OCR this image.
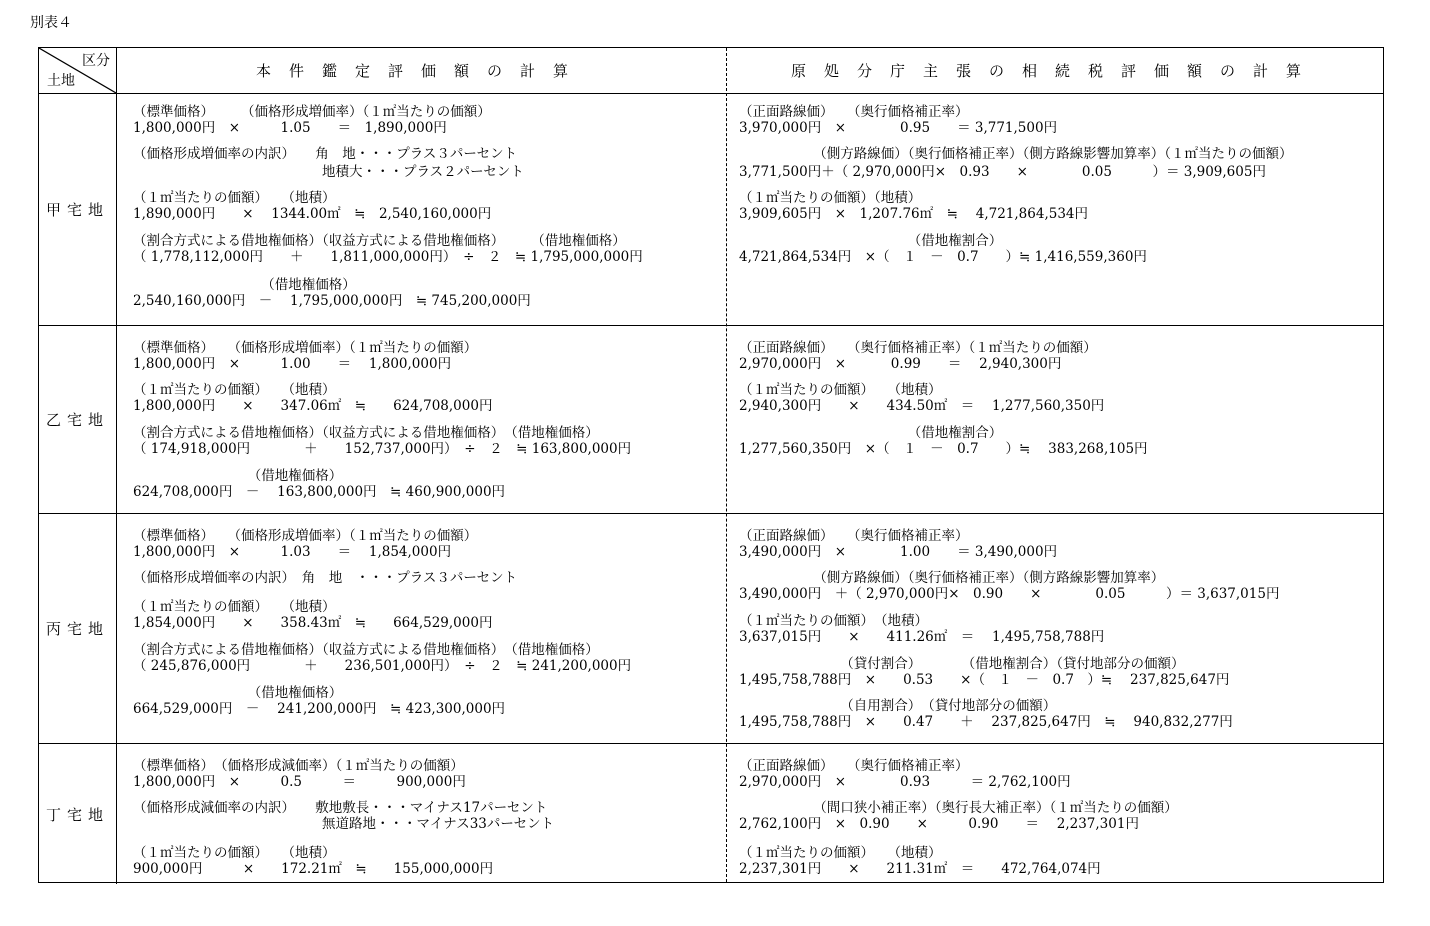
別表４
区分
土地
本件鑑定評価額の計算	原処分庁主張の相続税評価額の計算
甲宅地
（標準価格）　　　（価格形成増価率）（１㎡当たりの価額）
1,800,000円　×　　　1.05　　＝　1,890,000円
（価格形成増価率の内訳）　　角　地・・・プラス３パーセント
　　　　　　　　　　　　　　地積大・・・プラス２パーセント
（１㎡当たりの価額）　　（地積）
1,890,000円　　×　 1344.00㎡　≒　2,540,160,000円
（割合方式による借地権価格）（収益方式による借地権価格）　　　（借地権価格）
（ 1,778,112,000円　　＋　　1,811,000,000円）　÷　２　≒ 1,795,000,000円
　　　　　　　　　　（借地権価格）
2,540,160,000円　－　 1,795,000,000円　≒ 745,200,000円
（正面路線価）　　（奥行価格補正率）
3,970,000円　×　　　　0.95　　＝ 3,771,500円
　　　　　　（側方路線価）（奥行価格補正率）（側方路線影響加算率）（１㎡当たりの価額）
3,771,500円＋（ 2,970,000円×　0.93　　×　　　　0.05　　　）＝ 3,909,605円
（１㎡当たりの価額）（地積）
3,909,605円　×　1,207.76㎡　≒　 4,721,864,534円
　　　　　　　　　　　　　（借地権割合）
4,721,864,534円　×（　１　－　0.7　　）≒ 1,416,559,360円
乙宅地
（標準価格）　　（価格形成増価率）（１㎡当たりの価額）
1,800,000円　×　　　1.00　　＝　 1,800,000円
（１㎡当たりの価額）　　（地積）
1,800,000円　　×　　347.06㎡　≒　　624,708,000円
（割合方式による借地権価格）（収益方式による借地権価格）　（借地権価格）
（ 174,918,000円　　　　＋　　152,737,000円）　÷　２　≒ 163,800,000円
　　　　　　　　　（借地権価格）
624,708,000円　－　 163,800,000円　≒ 460,900,000円
（正面路線価）　　（奥行価格補正率）（１㎡当たりの価額）
2,970,000円　×　　　 0.99　　＝　 2,940,300円
（１㎡当たりの価額）　　（地積）
2,940,300円　　×　　434.50㎡　＝　 1,277,560,350円
　　　　　　　　　　　　　（借地権割合）
1,277,560,350円　×（　１　－　0.7　　）≒　 383,268,105円
丙宅地
（標準価格）　　（価格形成増価率）（１㎡当たりの価額）
1,800,000円　×　　　1.03　　＝　 1,854,000円
（価格形成増価率の内訳）　角　地　・・・プラス３パーセント
（１㎡当たりの価額）　　（地積）
1,854,000円　　×　　358.43㎡　≒　　664,529,000円
（割合方式による借地権価格）（収益方式による借地権価格）　（借地権価格）
（ 245,876,000円　　　　＋　　236,501,000円）　÷　２　≒ 241,200,000円
　　　　　　　　　（借地権価格）
664,529,000円　－　 241,200,000円　≒ 423,300,000円
（正面路線価）　　（奥行価格補正率）
3,490,000円　×　　　　1.00　　＝ 3,490,000円
　　　　　　（側方路線価）（奥行価格補正率）（側方路線影響加算率）
3,490,000円　＋（ 2,970,000円×　0.90　　×　　　　0.05　　　）＝ 3,637,015円
（１㎡当たりの価額）　（地積）
3,637,015円　　×　　411.26㎡　＝　 1,495,758,788円
　　　　　　　　（貸付割合）　　　　（借地権割合）（貸付地部分の価額）
1,495,758,788円　×　　0.53　　×（　１　－　0.7　）≒　 237,825,647円
　　　　　　　　（自用割合）　（貸付地部分の価額）
1,495,758,788円　×　　0.47　　＋　 237,825,647円　≒　 940,832,277円
丁宅地
（標準価格）　（価格形成減価率）（１㎡当たりの価額）
1,800,000円　×　　　0.5　　　＝　　　900,000円
（価格形成減価率の内訳）　　敷地敷長・・・マイナス17パーセント
　　　　　　　　　　　　　　無道路地・・・マイナス33パーセント
（１㎡当たりの価額）　　（地積）
900,000円　　　×　　172.21㎡　≒　　155,000,000円
（正面路線価）　　（奥行価格補正率）
2,970,000円　×　　　　0.93　　　＝ 2,762,100円
　　　　　　（間口狭小補正率）（奥行長大補正率）（１㎡当たりの価額）
2,762,100円　×　0.90　　×　　　0.90　　＝　 2,237,301円
（１㎡当たりの価額）　　（地積）
2,237,301円　　×　　211.31㎡　＝　　472,764,074円
